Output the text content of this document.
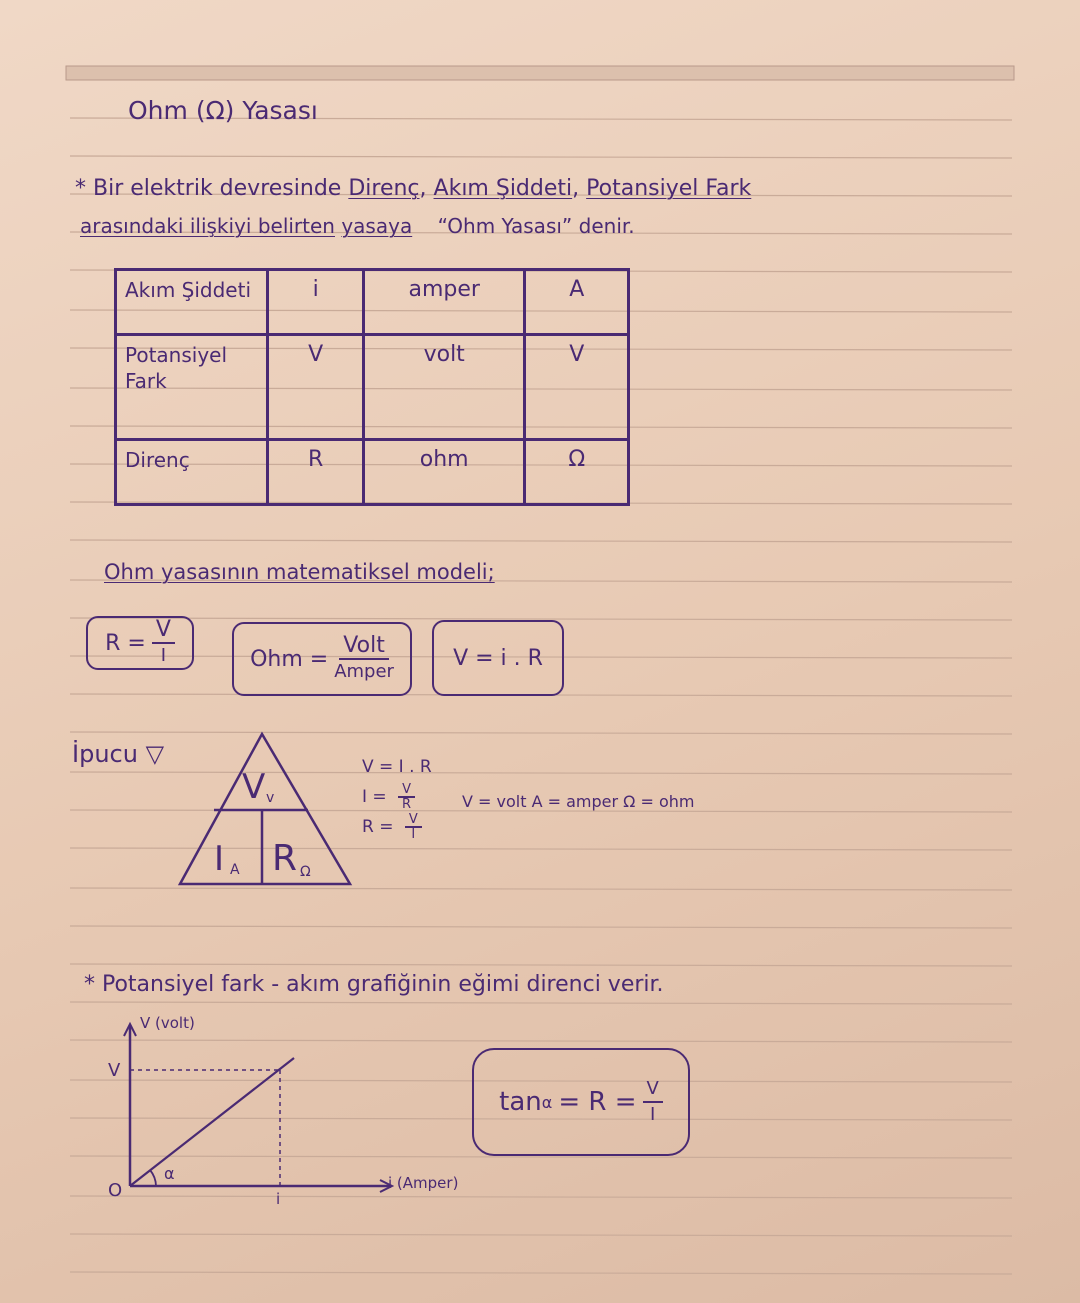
Ohm (Ω) Yasası
* Bir elektrik devresinde Direnç, Akım Şiddeti, Potansiyel Fark
arasındaki ilişkiyi belirten yasaya “Ohm Yasası” denir.
Akım Şiddeti	i	amper	A
Potansiyel Fark	V	volt	V
Direnç	R	ohm	Ω
Ohm yasasının matematiksel modeli;
$R = \frac{V}{I}$	Ohm = $\frac{\text{Volt}}{\text{Amper}}$	V = i . R
İpucu ▽
V v
I A R Ω
V = I . R
$I = \frac{V}{R}$
$R = \frac{V}{I}$
V = volt A = amper Ω = ohm
* Potansiyel fark - akım grafiğinin eğimi direnci verir.
V (volt)
i (Amper)
V
i
O
α
$\tan \alpha = R = \frac{V}{I}$
